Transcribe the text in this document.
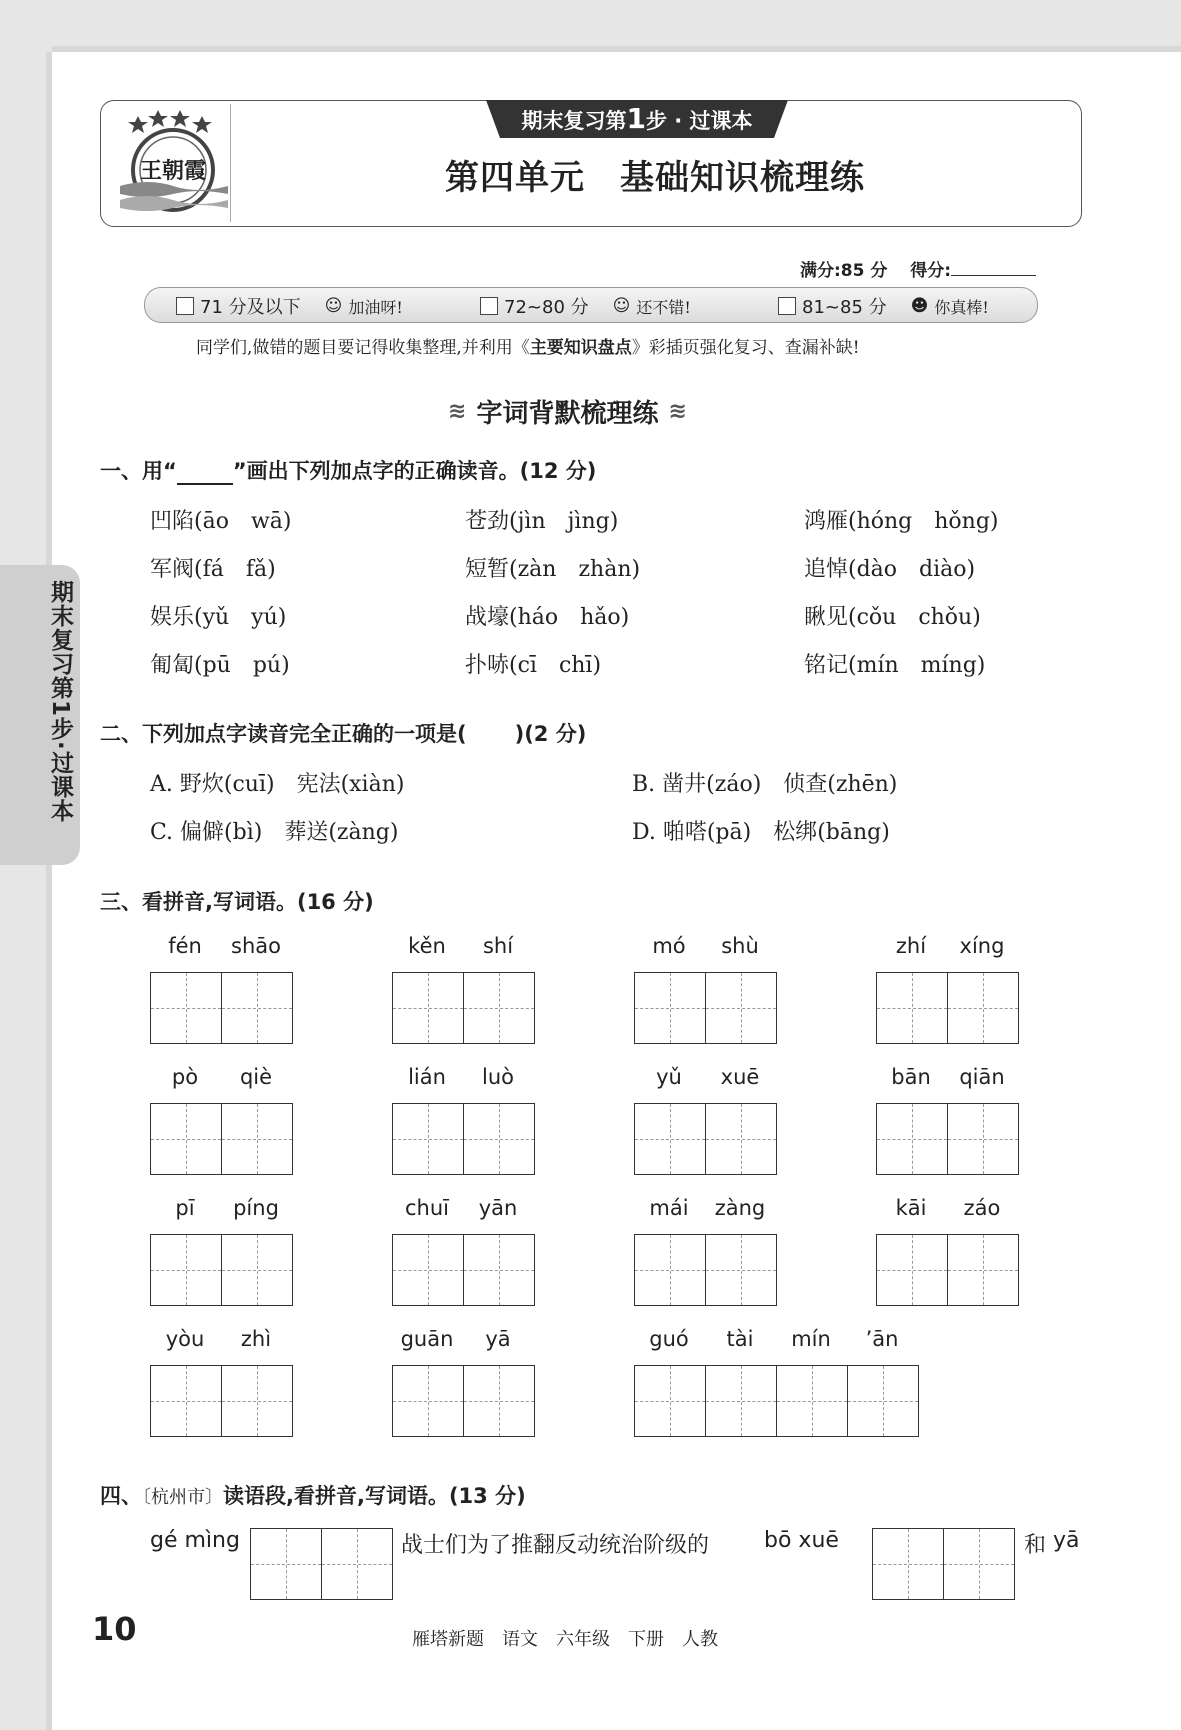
期末复习第1步·过课本
王朝霞
期末复习第1步 · 过课本
第四单元　基础知识梳理练
满分:85 分　 得分:
71 分及以下 ☺ 加油呀!	72~80 分 ☺ 还不错!	81~85 分 ☻ 你真棒!
同学们,做错的题目要记得收集整理,并利用《主要知识盘点》彩插页强化复习、查漏补缺!
≋ 字词背默梳理练 ≋
一、用“	”画出下列加点字的正确读音。(12 分)
凹陷(āo　wā)	苍劲(jìn　jìng)	鸿雁(hóng　hǒng)
军阀(fá　fǎ)	短暂(zàn　zhàn)	追悼(dào　diào)
娱乐(yǔ　yú)	战壕(háo　hǎo)	瞅见(cǒu　chǒu)
匍匐(pū　pú)	扑哧(cī　chī)	铭记(mín　míng)
二、下列加点字读音完全正确的一项是( )(2 分)
A. 野炊(cuī)　宪法(xiàn)	B. 凿井(záo)　侦查(zhēn)
C. 偏僻(bì)　葬送(zàng)	D. 啪嗒(pā)　松绑(bāng)
三、看拼音,写词语。(16 分)
fén shāo	kěn shí	mó shù	zhí xíng
pò qiè	lián luò	yǔ xuē	bān qiān
pī píng	chuī yān	mái zàng	kāi záo
yòu zhì	guān yā	guó tài mín ’ān
四、〔杭州市〕读语段,看拼音,写词语。(13 分)
gé mìng	战士们为了推翻反动统治阶级的 bō xuē	和 yā
10	雁塔新题　语文　六年级　下册　人教
